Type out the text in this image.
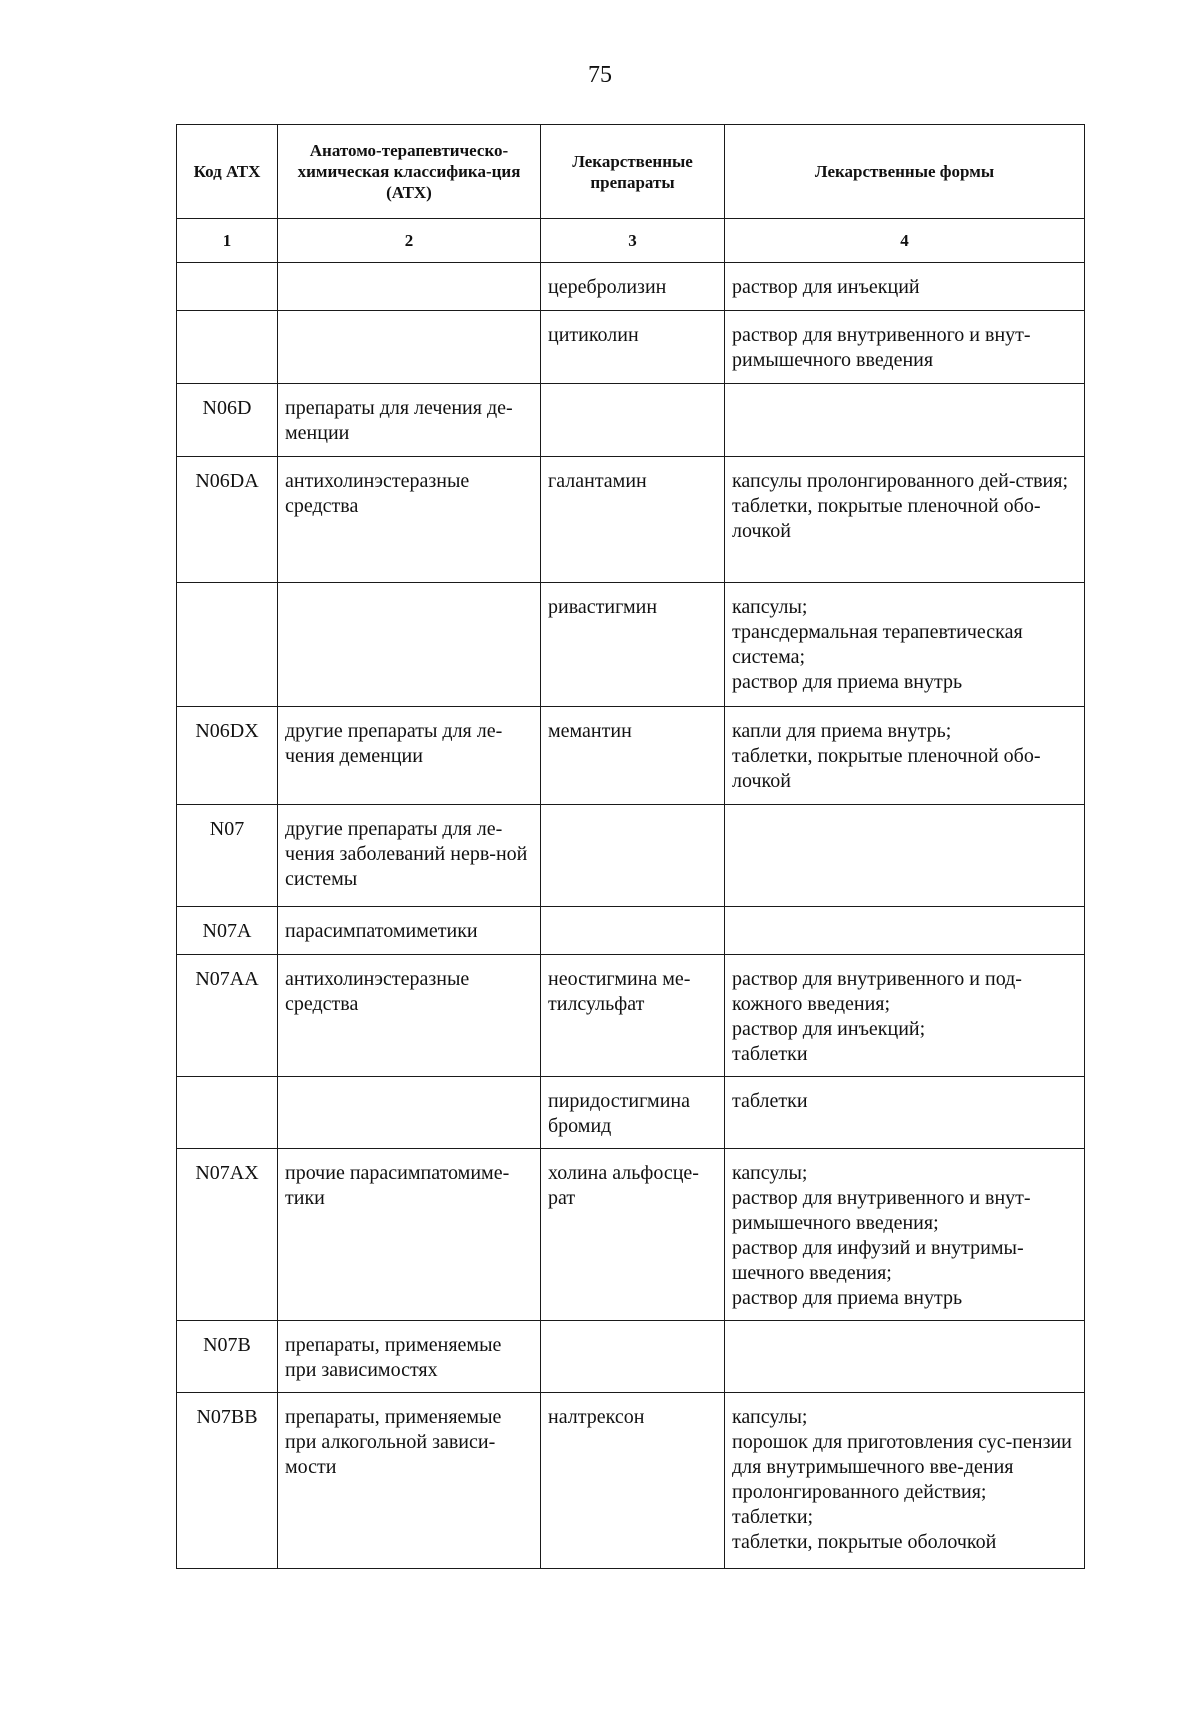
75
Код АТХ	Анатомо-терапевтическо-химическая классифика-ция (АТХ)	Лекарственные препараты	Лекарственные формы
1	2	3	4
		церебролизин	раствор для инъекций

		цитиколин	раствор для внутривенного и внут-римышечного введения

N06D	препараты для лечения де-менции		
N06DA	антихолинэстеразные средства	галантамин	капсулы пролонгированного дей-ствия;
таблетки, покрытые пленочной обо-лочкой

		ривастигмин	капсулы;
трансдермальная терапевтическая система;
раствор для приема внутрь

N06DX	другие препараты для ле-чения деменции	мемантин	капли для приема внутрь;
таблетки, покрытые пленочной обо-лочкой

N07	другие препараты для ле-чения заболеваний нерв-ной системы		
N07A	парасимпатомиметики		
N07AA	антихолинэстеразные средства	неостигмина ме-тилсульфат	раствор для внутривенного и под-кожного введения;
раствор для инъекций;
таблетки

		пиридостигмина бромид	таблетки

N07AX	прочие парасимпатомиме-тики	холина альфосце-рат	капсулы;
раствор для внутривенного и внут-римышечного введения;
раствор для инфузий и внутримы-шечного введения;
раствор для приема внутрь

N07B	препараты, применяемые при зависимостях		
N07BB	препараты, применяемые при алкогольной зависи-мости	налтрексон	капсулы;
порошок для приготовления сус-пензии для внутримышечного вве-дения пролонгированного действия;
таблетки;
таблетки, покрытые оболочкой
